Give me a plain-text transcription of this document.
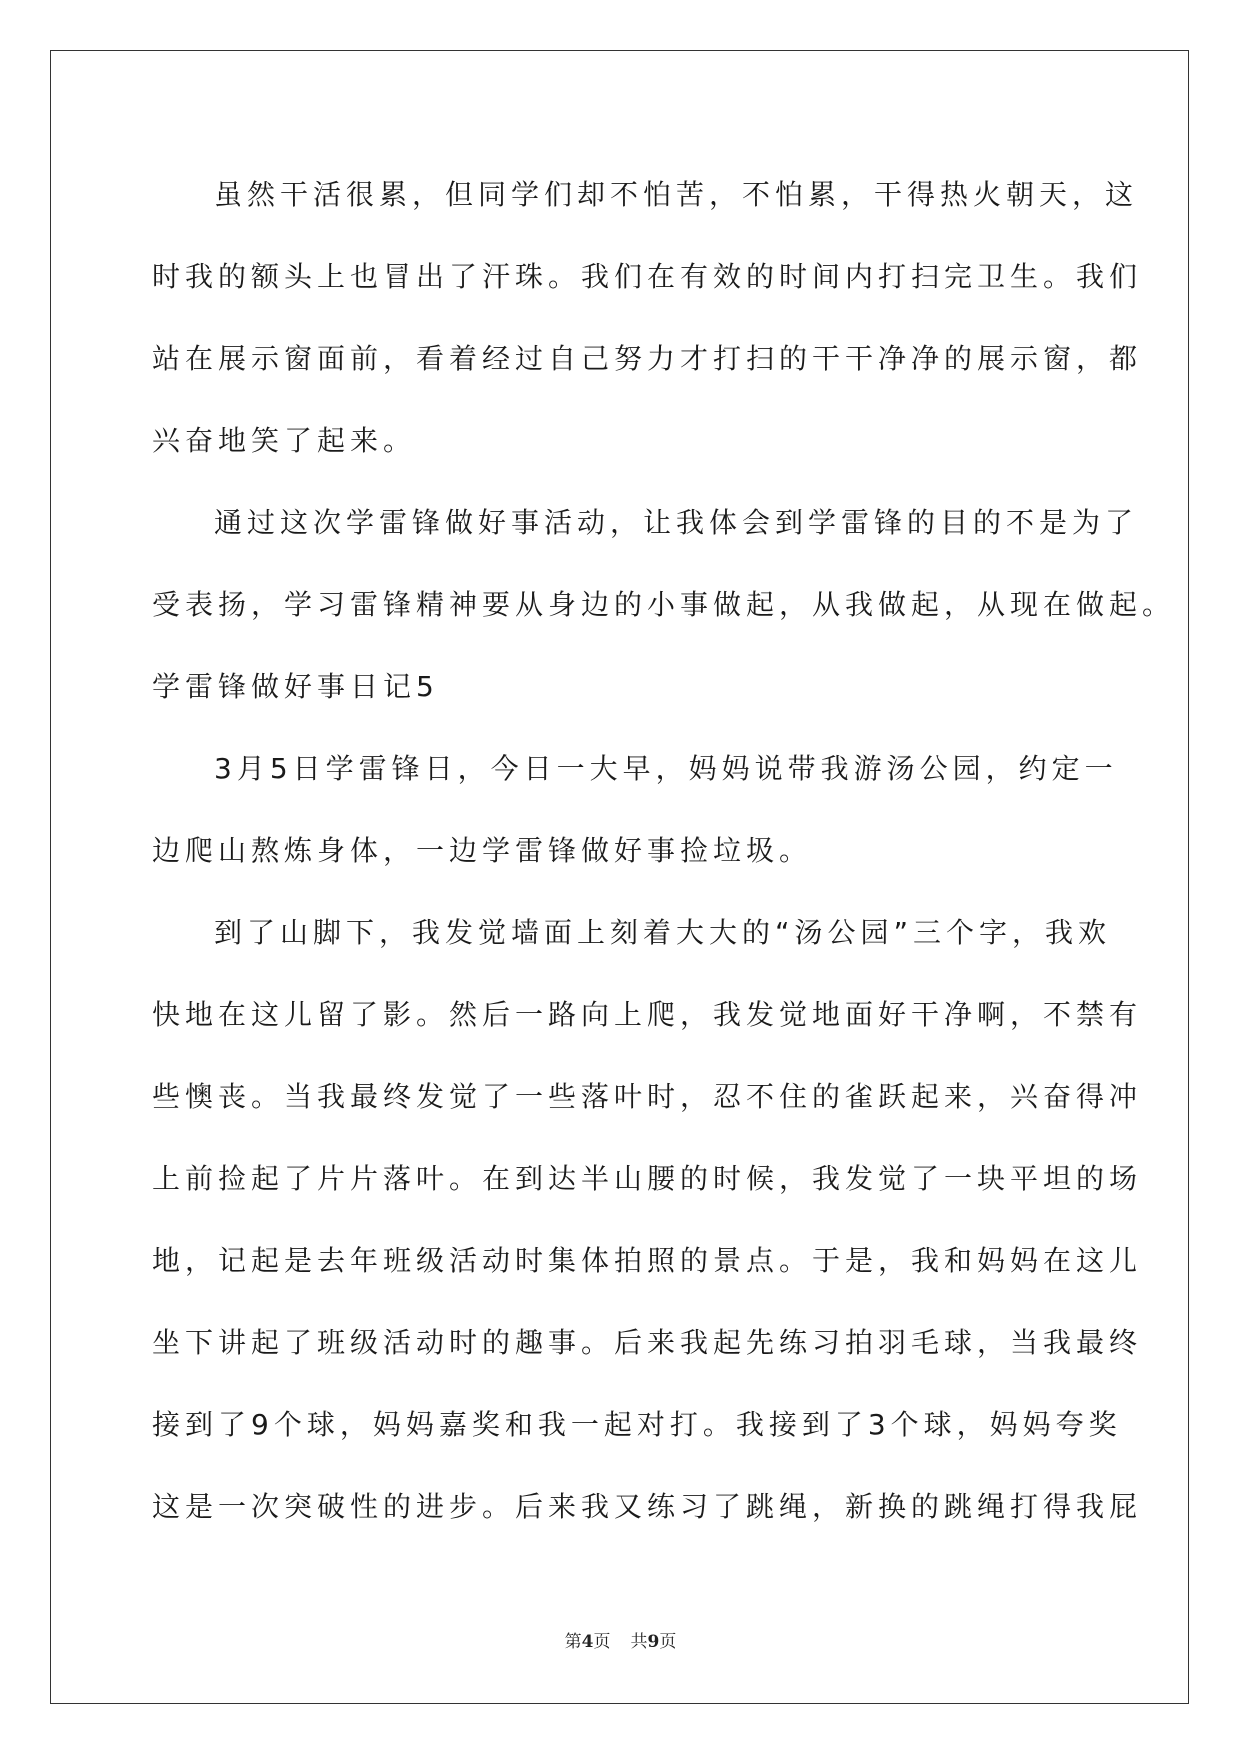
虽然干活很累，但同学们却不怕苦，不怕累，干得热火朝天，这
时我的额头上也冒出了汗珠。我们在有效的时间内打扫完卫生。我们
站在展示窗面前，看着经过自己努力才打扫的干干净净的展示窗，都
兴奋地笑了起来。
通过这次学雷锋做好事活动，让我体会到学雷锋的目的不是为了
受表扬，学习雷锋精神要从身边的小事做起，从我做起，从现在做起。
学雷锋做好事日记5
3月5日学雷锋日，今日一大早，妈妈说带我游汤公园，约定一
边爬山熬炼身体，一边学雷锋做好事捡垃圾。
到了山脚下，我发觉墙面上刻着大大的“汤公园”三个字，我欢
快地在这儿留了影。然后一路向上爬，我发觉地面好干净啊，不禁有
些懊丧。当我最终发觉了一些落叶时，忍不住的雀跃起来，兴奋得冲
上前捡起了片片落叶。在到达半山腰的时候，我发觉了一块平坦的场
地，记起是去年班级活动时集体拍照的景点。于是，我和妈妈在这儿
坐下讲起了班级活动时的趣事。后来我起先练习拍羽毛球，当我最终
接到了9个球，妈妈嘉奖和我一起对打。我接到了3个球，妈妈夸奖
这是一次突破性的进步。后来我又练习了跳绳，新换的跳绳打得我屁
第4页 共9页
